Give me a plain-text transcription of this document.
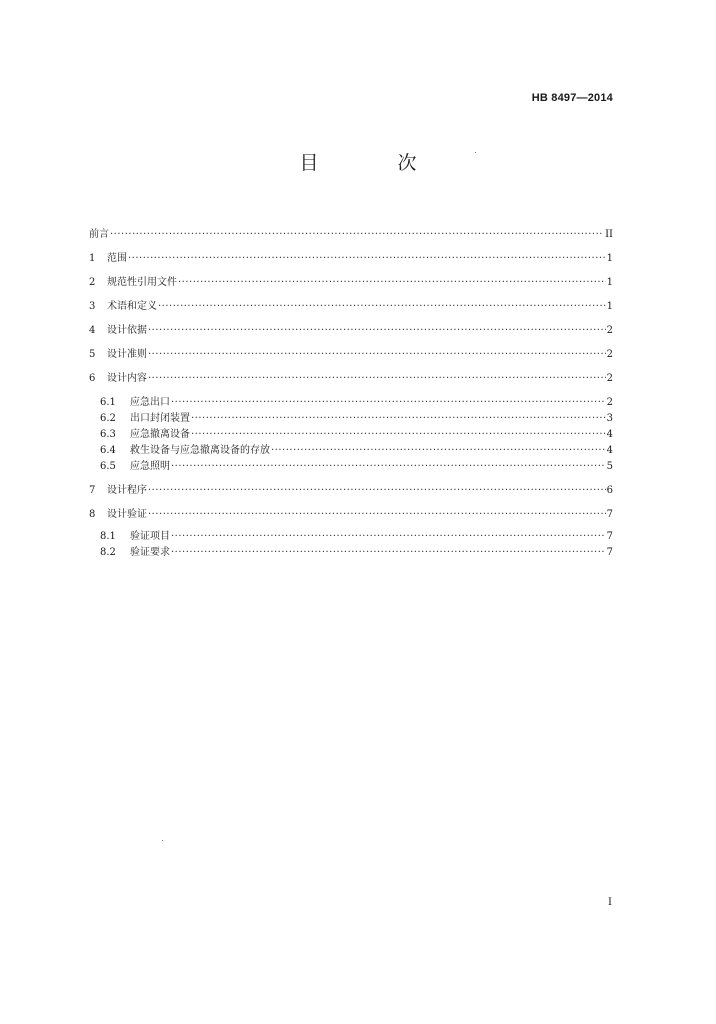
HB 8497—2014
目　次
前言 ·····	II
1	范围 ·····	1
2	规范性引用文件 ·····	1
3	术语和定义 ·····	1
4	设计依据 ·····	2
5	设计准则 ·····	2
6	设计内容 ·····	2
6.1	应急出口 ·····	2
6.2	出口封闭装置 ·····	3
6.3	应急撤离设备 ·····	4
6.4	救生设备与应急撤离设备的存放 ·····	4
6.5	应急照明 ·····	5
7	设计程序 ·····	6
8	设计验证 ·····	7
8.1	验证项目 ·····	7
8.2	验证要求 ·····	7
I
